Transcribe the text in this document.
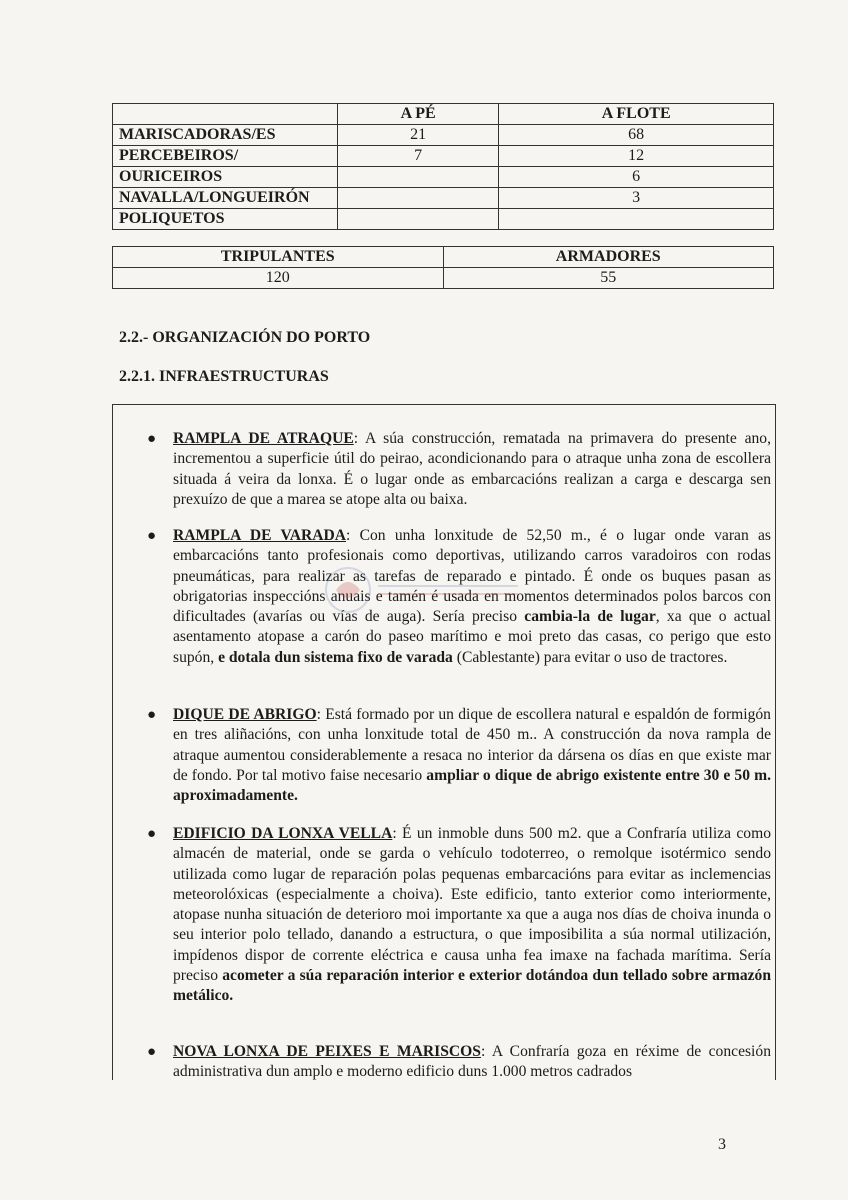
	A PÉ	A FLOTE
MARISCADORAS/ES	21	68
PERCEBEIROS/	7	12
OURICEIROS		6
NAVALLA/LONGUEIRÓN		3
POLIQUETOS		
TRIPULANTES	ARMADORES
120	55
2.2.- ORGANIZACIÓN DO PORTO
2.2.1. INFRAESTRUCTURAS
● RAMPLA DE ATRAQUE: A súa construcción, rematada na primavera do presente ano, incrementou a superficie útil do peirao, acondicionando para o atraque unha zona de escollera situada á veira da lonxa. É o lugar onde as embarcacións realizan a carga e descarga sen prexuízo de que a marea se atope alta ou baixa.
● RAMPLA DE VARADA: Con unha lonxitude de 52,50 m., é o lugar onde varan as embarcacións tanto profesionais como deportivas, utilizando carros varadoiros con rodas pneumáticas, para realizar as tarefas de reparado e pintado. É onde os buques pasan as obrigatorias inspeccións anuais e tamén é usada en momentos determinados polos barcos con dificultades (avarías ou vías de auga). Sería preciso cambia-la de lugar, xa que o actual asentamento atopase a carón do paseo marítimo e moi preto das casas, co perigo que esto supón, e dotala dun sistema fixo de varada (Cablestante) para evitar o uso de tractores.
● DIQUE DE ABRIGO: Está formado por un dique de escollera natural e espaldón de formigón en tres aliñacións, con unha lonxitude total de 450 m.. A construcción da nova rampla de atraque aumentou considerablemente a resaca no interior da dársena os días en que existe mar de fondo. Por tal motivo faise necesario ampliar o dique de abrigo existente entre 30 e 50 m. aproximadamente.
● EDIFICIO DA LONXA VELLA: É un inmoble duns 500 m2. que a Confraría utiliza como almacén de material, onde se garda o vehículo todoterreo, o remolque isotérmico sendo utilizada como lugar de reparación polas pequenas embarcacións para evitar as inclemencias meteorolóxicas (especialmente a choiva). Este edificio, tanto exterior como interiormente, atopase nunha situación de deterioro moi importante xa que a auga nos días de choiva inunda o seu interior polo tellado, danando a estructura, o que imposibilita a súa normal utilización, impídenos dispor de corrente eléctrica e causa unha fea imaxe na fachada marítima. Sería preciso acometer a súa reparación interior e exterior dotándoa dun tellado sobre armazón metálico.
● NOVA LONXA DE PEIXES E MARISCOS: A Confraría goza en réxime de concesión administrativa dun amplo e moderno edificio duns 1.000 metros cadrados
3
